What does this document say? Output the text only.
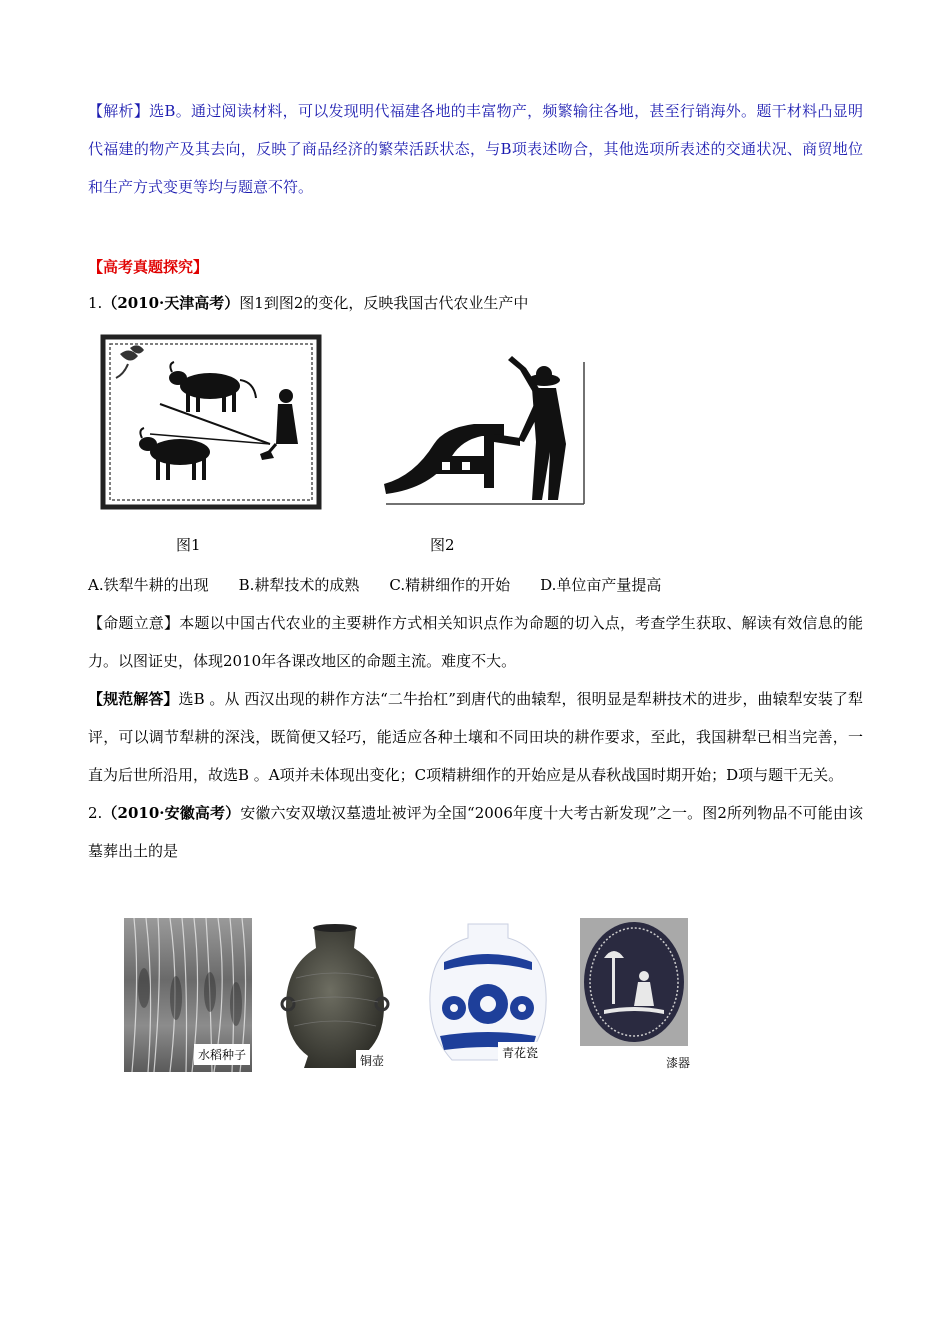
【解析】选B。通过阅读材料，可以发现明代福建各地的丰富物产，频繁输往各地，甚至行销海外。题干材料凸显明代福建的物产及其去向，反映了商品经济的繁荣活跃状态，与B项表述吻合，其他选项所表述的交通状况、商贸地位和生产方式变更等均与题意不符。

【高考真题探究】

1.（2010·天津高考）图1到图2的变化，反映我国古代农业生产中

图1	图2

A.铁犁牛耕的出现　　B.耕犁技术的成熟　　C.精耕细作的开始　　D.单位亩产量提高

【命题立意】本题以中国古代农业的主要耕作方式相关知识点作为命题的切入点，考查学生获取、解读有效信息的能力。以图证史，体现2010年各课改地区的命题主流。难度不大。

【规范解答】选B 。从 西汉出现的耕作方法“二牛抬杠”到唐代的曲辕犁，很明显是犁耕技术的进步，曲辕犁安装了犁评，可以调节犁耕的深浅，既简便又轻巧，能适应各种土壤和不同田块的耕作要求，至此，我国耕犁已相当完善，一直为后世所沿用，故选B 。A项并未体现出变化；C项精耕细作的开始应是从春秋战国时期开始；D项与题干无关。

2.（2010·安徽高考）安徽六安双墩汉墓遗址被评为全国“2006年度十大考古新发现”之一。图2所列物品不可能由该墓葬出土的是

水稻种子	铜壶
青花瓷
漆器
